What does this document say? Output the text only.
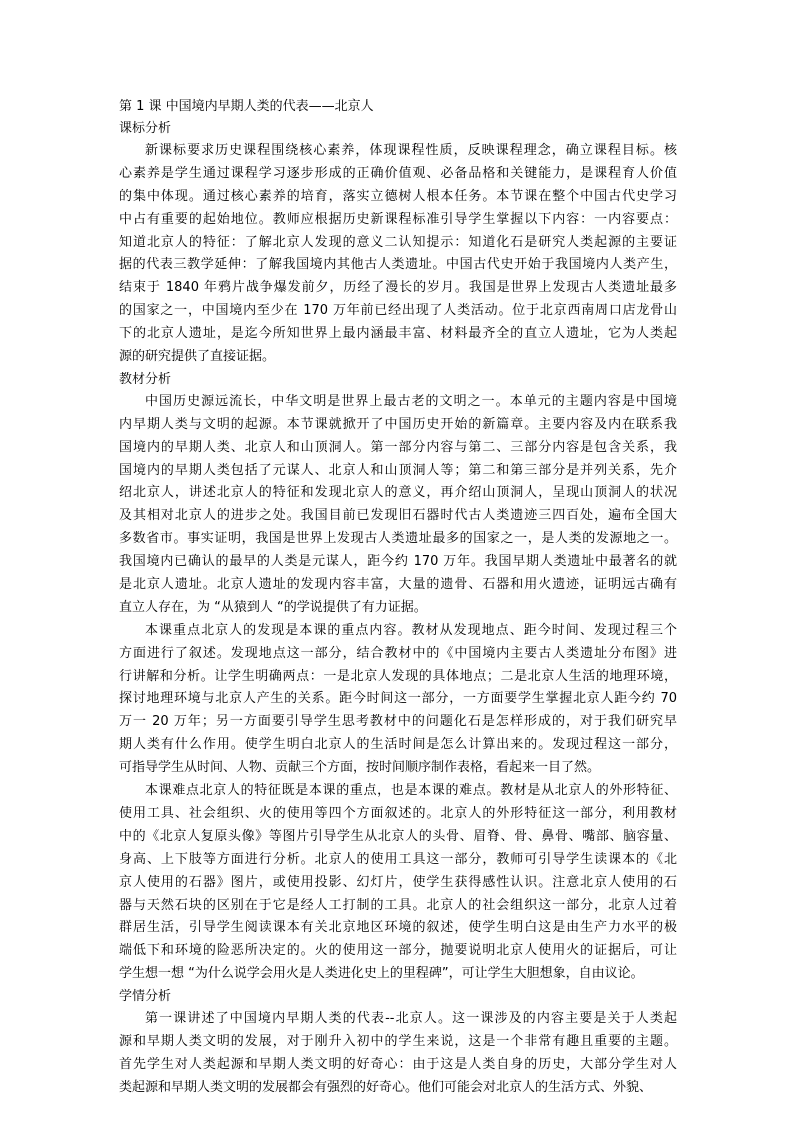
第 1 课 中国境内早期人类的代表——北京人
课标分析
新课标要求历史课程围绕核心素养，体现课程性质，反映课程理念，确立课程目标。核
心素养是学生通过课程学习逐步形成的正确价值观、必备品格和关键能力，是课程育人价值
的集中体现。通过核心素养的培育，落实立德树人根本任务。本节课在整个中国古代史学习
中占有重要的起始地位。教师应根据历史新课程标准引导学生掌握以下内容：一内容要点：
知道北京人的特征：了解北京人发现的意义二认知提示：知道化石是研究人类起源的主要证
据的代表三教学延伸：了解我国境内其他古人类遗址。中国古代史开始于我国境内人类产生，
结束于 1840 年鸦片战争爆发前夕，历经了漫长的岁月。我国是世界上发现古人类遗址最多
的国家之一，中国境内至少在 170 万年前已经出现了人类活动。位于北京西南周口店龙骨山
下的北京人遗址，是迄今所知世界上最内涵最丰富、材料最齐全的直立人遗址，它为人类起
源的研究提供了直接证据。
教材分析
中国历史源远流长，中华文明是世界上最古老的文明之一。本单元的主题内容是中国境
内早期人类与文明的起源。本节课就掀开了中国历史开始的新篇章。主要内容及内在联系我
国境内的早期人类、北京人和山顶洞人。第一部分内容与第二、三部分内容是包含关系，我
国境内的早期人类包括了元谋人、北京人和山顶洞人等；第二和第三部分是并列关系，先介
绍北京人，讲述北京人的特征和发现北京人的意义，再介绍山顶洞人，呈现山顶洞人的状况
及其相对北京人的进步之处。我国目前已发现旧石器时代古人类遗迹三四百处，遍布全国大
多数省市。事实证明，我国是世界上发现古人类遗址最多的国家之一，是人类的发源地之一。
我国境内已确认的最早的人类是元谋人，距今约 170 万年。我国早期人类遗址中最著名的就
是北京人遗址。北京人遗址的发现内容丰富，大量的遗骨、石器和用火遗迹，证明远古确有
直立人存在，为 “从猿到人 “的学说提供了有力证据。
本课重点北京人的发现是本课的重点内容。教材从发现地点、距今时间、发现过程三个
方面进行了叙述。发现地点这一部分，结合教材中的《中国境内主要古人类遗址分布图》进
行讲解和分析。让学生明确两点：一是北京人发现的具体地点；二是北京人生活的地理环境，
探讨地理环境与北京人产生的关系。距今时间这一部分，一方面要学生掌握北京人距今约 70
万一 20 万年；另一方面要引导学生思考教材中的问题化石是怎样形成的，对于我们研究早
期人类有什么作用。使学生明白北京人的生活时间是怎么计算出来的。发现过程这一部分，
可指导学生从时间、人物、贡献三个方面，按时间顺序制作表格，看起来一目了然。
本课难点北京人的特征既是本课的重点，也是本课的难点。教材是从北京人的外形特征、
使用工具、社会组织、火的使用等四个方面叙述的。北京人的外形特征这一部分，利用教材
中的《北京人复原头像》等图片引导学生从北京人的头骨、眉脊、骨、鼻骨、嘴部、脑容量、
身高、上下肢等方面进行分析。北京人的使用工具这一部分，教师可引导学生读课本的《北
京人使用的石器》图片，或使用投影、幻灯片，使学生获得感性认识。注意北京人使用的石
器与天然石块的区别在于它是经人工打制的工具。北京人的社会组织这一部分，北京人过着
群居生活，引导学生阅读课本有关北京地区环境的叙述，使学生明白这是由生产力水平的极
端低下和环境的险恶所决定的。火的使用这一部分，抛要说明北京人使用火的证据后，可让
学生想一想 “为什么说学会用火是人类进化史上的里程碑”，可让学生大胆想象，自由议论。
学情分析
第一课讲述了中国境内早期人类的代表--北京人。这一课涉及的内容主要是关于人类起
源和早期人类文明的发展，对于刚升入初中的学生来说，这是一个非常有趣且重要的主题。
首先学生对人类起源和早期人类文明的好奇心：由于这是人类自身的历史，大部分学生对人
类起源和早期人类文明的发展都会有强烈的好奇心。他们可能会对北京人的生活方式、外貌、
